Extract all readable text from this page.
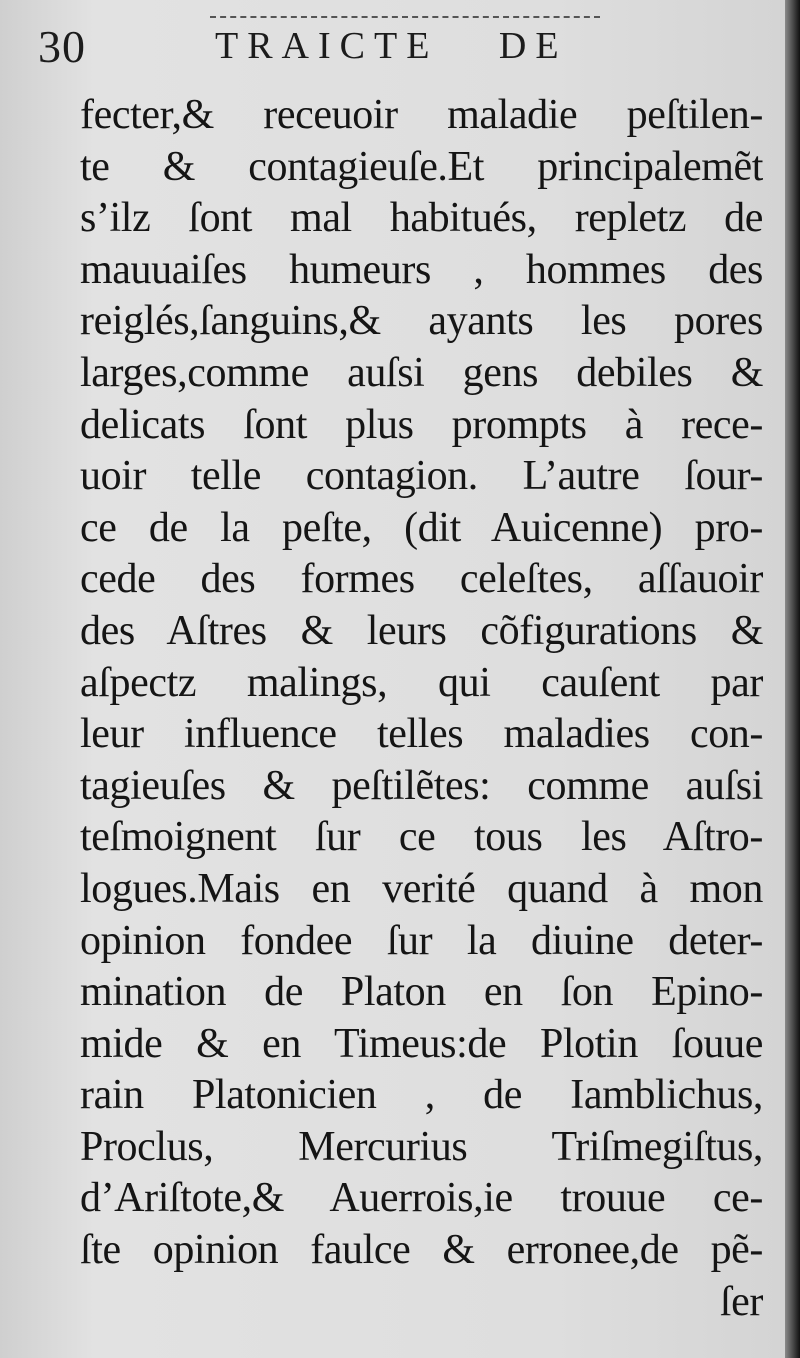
30	TRAICTE DE
fecter,& receuoir maladie peſtilen-
te & contagieuſe.Et principalemẽt
s’ilz ſont mal habitués, repletz de
mauuaiſes humeurs , hommes des
reiglés,ſanguins,& ayants les pores
larges,comme auſsi gens debiles &
delicats ſont plus prompts à rece-
uoir telle contagion. L’autre ſour-
ce de la peſte, (dit Auicenne) pro-
cede des formes celeſtes, aſſauoir
des Aſtres & leurs cõfigurations &
aſpectz malings, qui cauſent par
leur influence telles maladies con-
tagieuſes & peſtilẽtes: comme auſsi
teſmoignent ſur ce tous les Aſtro-
logues.Mais en verité quand à mon
opinion fondee ſur la diuine deter-
mination de Platon en ſon Epino-
mide & en Timeus:de Plotin ſouue
rain Platonicien , de Iamblichus,
Proclus, Mercurius Triſmegiſtus,
d’Ariſtote,& Auerrois,ie trouue ce-
ſte opinion faulce & erronee,de pẽ-
ſer
